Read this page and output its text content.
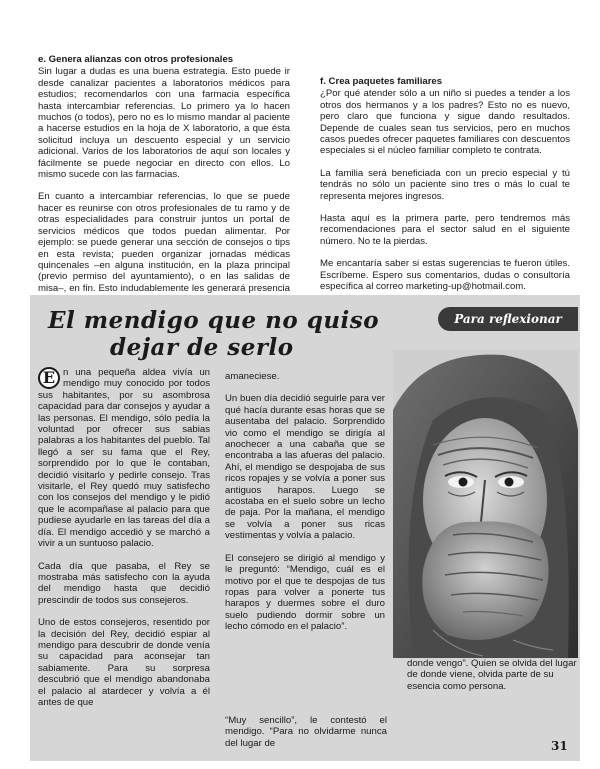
e. Genera alianzas con otros profesionales

Sin lugar a dudas es una buena estrategia. Esto puede ir desde canalizar pacientes a laboratorios médicos para estudios; recomendarlos con una farmacia específica hasta intercambiar referencias. Lo primero ya lo hacen muchos (o todos), pero no es lo mismo mandar al paciente a hacerse estudios en la hoja de X laboratorio, a que ésta solicitud incluya un descuento especial y un servicio adicional. Varios de los laboratorios de aquí son locales y fácilmente se puede negociar en directo con ellos. Lo mismo sucede con las farmacias.

En cuanto a intercambiar referencias, lo que se puede hacer es reunirse con otros profesionales de tu ramo y de otras especialidades para construir juntos un portal de servicios médicos que todos puedan alimentar. Por ejemplo: se puede generar una sección de consejos o tips en esta revista; pueden organizar jornadas médicas quincenales –en alguna institución, en la plaza principal (previo permiso del ayuntamiento), o en las salidas de misa–, en fin. Esto indudablemente les generará presencia

f. Crea paquetes familiares

¿Por qué atender sólo a un niño si puedes a tender a los otros dos hermanos y a los padres? Esto no es nuevo, pero claro que funciona y sigue dando resultados. Depende de cuales sean tus servicios, pero en muchos casos puedes ofrecer paquetes familiares con descuentos especiales si el núcleo familiar completo te contrata.

La familia será beneficiada con un precio especial y tú tendrás no sólo un paciente sino tres o más lo cual te representa mejores ingresos.

Hasta aquí es la primera parte, pero tendremos más recomendaciones para el sector salud en el siguiente número. No te la pierdas.

Me encantaría saber si estas sugerencias te fueron útiles. Escríbeme. Espero sus comentarios, dudas o consultoría específica al correo marketing-up@hotmail.com.

El mendigo que no quiso
dejar de serlo
Para reflexionar

E n una pequeña aldea vivía un mendigo muy conocido por todos sus habitantes, por su asombrosa capacidad para dar consejos y ayudar a las personas. El mendigo, sólo pedía la voluntad por ofrecer sus sabias palabras a los habitantes del pueblo. Tal llegó a ser su fama que el Rey, sorprendido por lo que le contaban, decidió visitarlo y pedirle consejo. Tras visitarle, el Rey quedó muy satisfecho con los consejos del mendigo y le pidió que le acompañase al palacio para que pudiese ayudarle en las tareas del día a día. El mendigo accedió y se marchó a vivir a un suntuoso palacio.

Cada día que pasaba, el Rey se mostraba más satisfecho con la ayuda del mendigo hasta que decidió prescindir de todos sus consejeros.

Uno de estos consejeros, resentido por la decisión del Rey, decidió espiar al mendigo para descubrir de donde venía su capacidad para aconsejar tan sabiamente. Para su sorpresa descubrió que el mendigo abandonaba el palacio al atardecer y volvía a él antes de que

amaneciese.

Un buen día decidió seguirle para ver qué hacía durante esas horas que se ausentaba del palacio. Sorprendido vio como el mendigo se dirigía al anochecer a una cabaña que se encontraba a las afueras del palacio. Ahí, el mendigo se despojaba de sus ricos ropajes y se volvía a poner sus antiguos harapos. Luego se acostaba en el suelo sobre un lecho de paja. Por la mañana, el mendigo se volvía a poner sus ricas vestimentas y volvía a palacio.

El consejero se dirigió al mendigo y le preguntó: “Mendigo, cuál es el motivo por el que te despojas de tus ropas para volver a ponerte tus harapos y duermes sobre el duro suelo pudiendo dormir sobre un lecho cómodo en el palacio”.

“Muy sencillo”, le contestó el mendigo. “Para no olvidarme nunca del lugar de

donde vengo”. Quien se olvida del lugar de donde viene, olvida parte de su esencia como persona.

31
